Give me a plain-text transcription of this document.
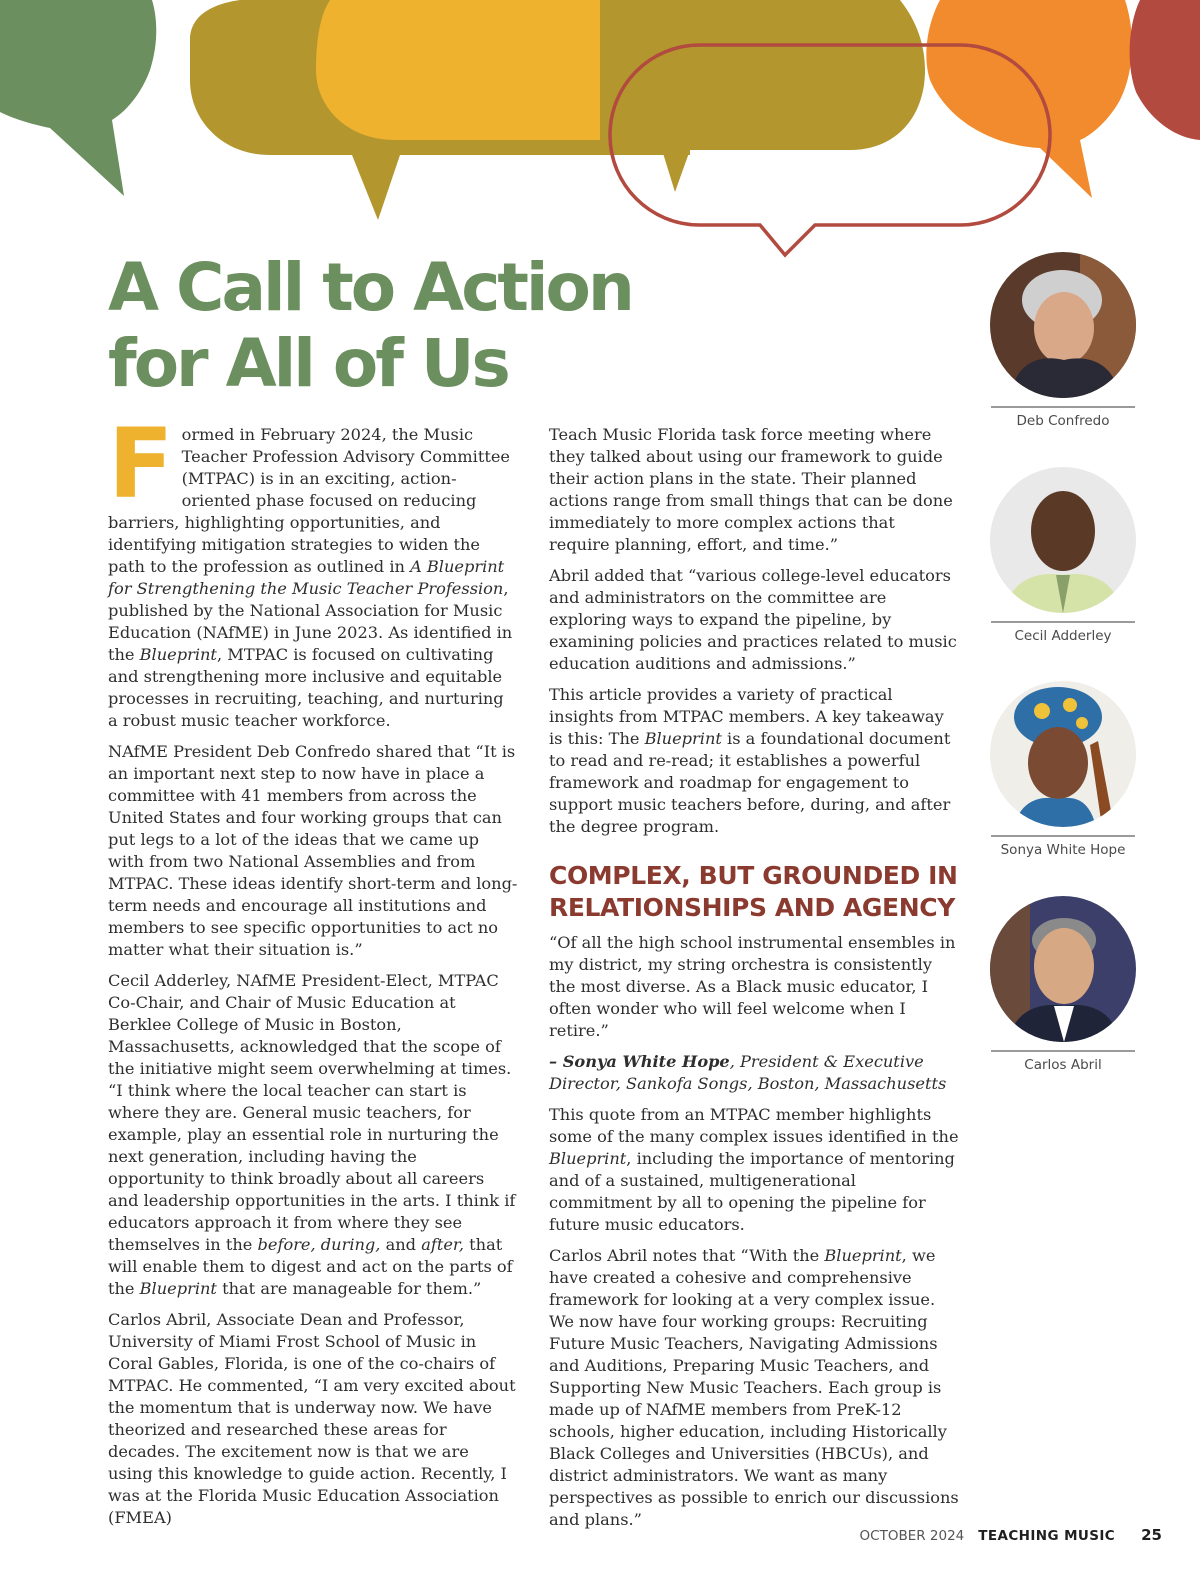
A Call to Action
for All of Us

Formed in February 2024, the Music Teacher Profession Advisory Committee (MTPAC) is in an exciting, action-oriented phase focused on reducing barriers, highlighting opportunities, and identifying mitigation strategies to widen the path to the profession as outlined in A Blueprint for Strengthening the Music Teacher Profession, published by the National Association for Music Education (NAfME) in June 2023. As identified in the Blueprint, MTPAC is focused on cultivating and strengthening more inclusive and equitable processes in recruiting, teaching, and nurturing a robust music teacher workforce.

NAfME President Deb Confredo shared that “It is an important next step to now have in place a committee with 41 members from across the United States and four working groups that can put legs to a lot of the ideas that we came up with from two National Assemblies and from MTPAC. These ideas identify short-term and long-term needs and encourage all institutions and members to see specific opportunities to act no matter what their situation is.”

Cecil Adderley, NAfME President-Elect, MTPAC Co-Chair, and Chair of Music Education at Berklee College of Music in Boston, Massachusetts, acknowledged that the scope of the initiative might seem overwhelming at times. “I think where the local teacher can start is where they are. General music teachers, for example, play an essential role in nurturing the next generation, including having the opportunity to think broadly about all careers and leadership opportunities in the arts. I think if educators approach it from where they see themselves in the before, during, and after, that will enable them to digest and act on the parts of the Blueprint that are manageable for them.”

Carlos Abril, Associate Dean and Professor, University of Miami Frost School of Music in Coral Gables, Florida, is one of the co-chairs of MTPAC. He commented, “I am very excited about the momentum that is underway now. We have theorized and researched these areas for decades. The excitement now is that we are using this knowledge to guide action. Recently, I was at the Florida Music Education Association (FMEA)

Teach Music Florida task force meeting where they talked about using our framework to guide their action plans in the state. Their planned actions range from small things that can be done immediately to more complex actions that require planning, effort, and time.”

Abril added that “various college-level educators and administrators on the committee are exploring ways to expand the pipeline, by examining policies and practices related to music education auditions and admissions.”

This article provides a variety of practical insights from MTPAC members. A key takeaway is this: The Blueprint is a foundational document to read and re-read; it establishes a powerful framework and roadmap for engagement to support music teachers before, during, and after the degree program.

COMPLEX, BUT GROUNDED IN RELATIONSHIPS AND AGENCY

“Of all the high school instrumental ensembles in my district, my string orchestra is consistently the most diverse. As a Black music educator, I often wonder who will feel welcome when I retire.”

– Sonya White Hope, President & Executive Director, Sankofa Songs, Boston, Massachusetts

This quote from an MTPAC member highlights some of the many complex issues identified in the Blueprint, including the importance of mentoring and of a sustained, multigenerational commitment by all to opening the pipeline for future music educators.

Carlos Abril notes that “With the Blueprint, we have created a cohesive and comprehensive framework for looking at a very complex issue. We now have four working groups: Recruiting Future Music Teachers, Navigating Admissions and Auditions, Preparing Music Teachers, and Supporting New Music Teachers. Each group is made up of NAfME members from PreK-12 schools, higher education, including Historically Black Colleges and Universities (HBCUs), and district administrators. We want as many perspectives as possible to enrich our discussions and plans.”

Deb Confredo
Cecil Adderley
Sonya White Hope
Carlos Abril
OCTOBER 2024 TEACHING MUSIC 25
